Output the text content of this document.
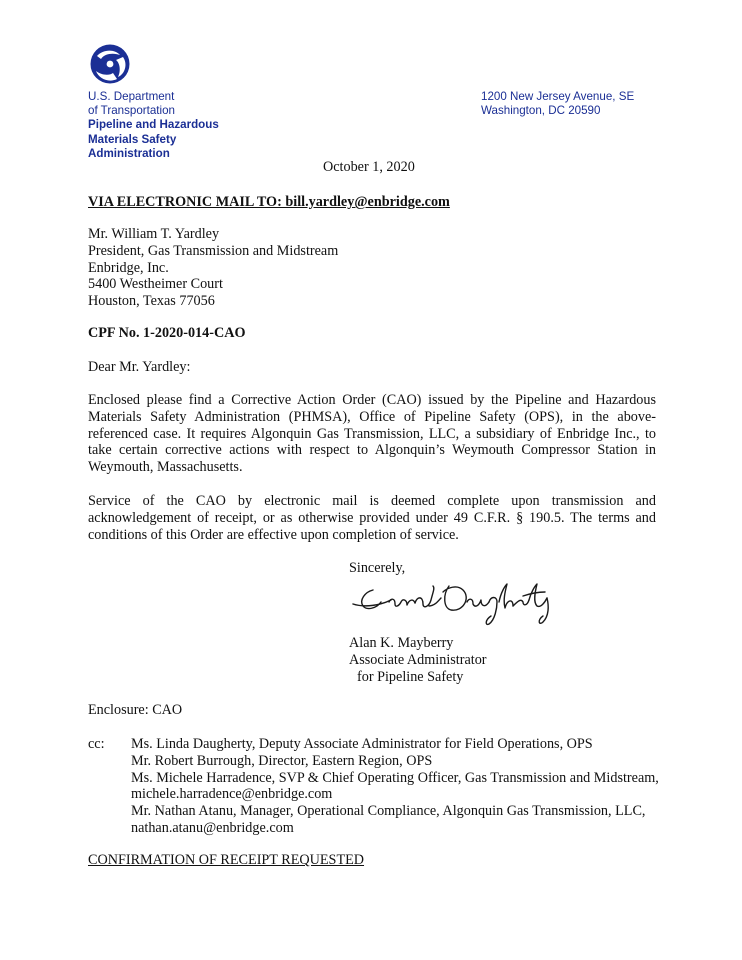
U.S. Department
of Transportation
Pipeline and Hazardous
Materials Safety
Administration
1200 New Jersey Avenue, SE
Washington, DC 20590
October 1, 2020
VIA ELECTRONIC MAIL TO: bill.yardley@enbridge.com
Mr. William T. Yardley
President, Gas Transmission and Midstream
Enbridge, Inc.
5400 Westheimer Court
Houston, Texas 77056
CPF No. 1-2020-014-CAO
Dear Mr. Yardley:
Enclosed please find a Corrective Action Order (CAO) issued by the Pipeline and Hazardous Materials Safety Administration (PHMSA), Office of Pipeline Safety (OPS), in the above-referenced case. It requires Algonquin Gas Transmission, LLC, a subsidiary of Enbridge Inc., to take certain corrective actions with respect to Algonquin’s Weymouth Compressor Station in Weymouth, Massachusetts.
Service of the CAO by electronic mail is deemed complete upon transmission and acknowledgement of receipt, or as otherwise provided under 49 C.F.R. § 190.5. The terms and conditions of this Order are effective upon completion of service.
Sincerely,
Alan K. Mayberry
Associate Administrator
for Pipeline Safety
Enclosure: CAO
cc: Ms. Linda Daugherty, Deputy Associate Administrator for Field Operations, OPS
Mr. Robert Burrough, Director, Eastern Region, OPS
Ms. Michele Harradence, SVP & Chief Operating Officer, Gas Transmission and Midstream, michele.harradence@enbridge.com
Mr. Nathan Atanu, Manager, Operational Compliance, Algonquin Gas Transmission, LLC, nathan.atanu@enbridge.com
CONFIRMATION OF RECEIPT REQUESTED
